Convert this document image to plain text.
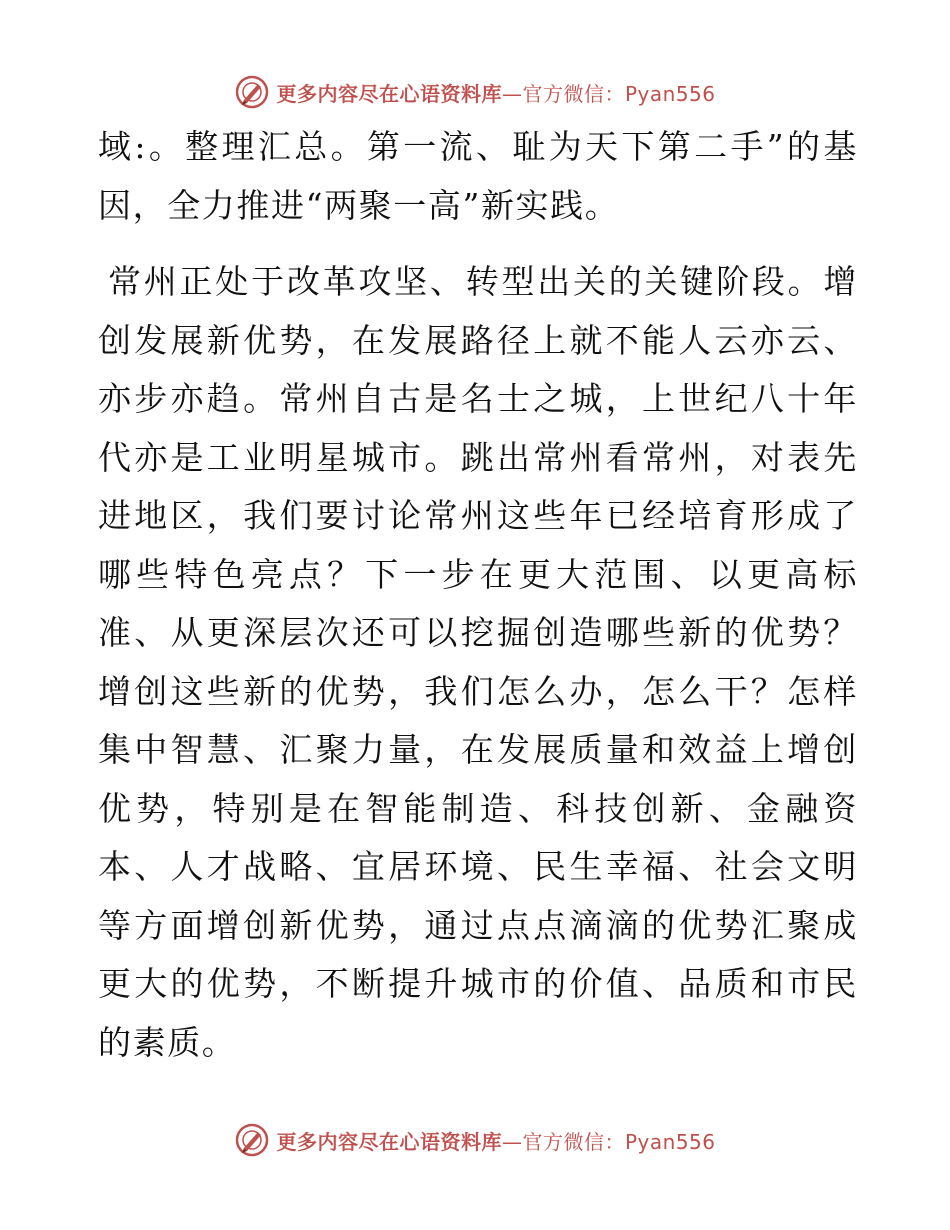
更多内容尽在心语资料库—官方微信：Pyan556

域:。整理汇总。第一流、耻为天下第二手”的基因，全力推进“两聚一高”新实践。

常州正处于改革攻坚、转型出关的关键阶段。增创发展新优势，在发展路径上就不能人云亦云、亦步亦趋。常州自古是名士之城，上世纪八十年代亦是工业明星城市。跳出常州看常州，对表先进地区，我们要讨论常州这些年已经培育形成了哪些特色亮点？下一步在更大范围、以更高标准、从更深层次还可以挖掘创造哪些新的优势？增创这些新的优势，我们怎么办，怎么干？怎样集中智慧、汇聚力量，在发展质量和效益上增创优势，特别是在智能制造、科技创新、金融资本、人才战略、宜居环境、民生幸福、社会文明等方面增创新优势，通过点点滴滴的优势汇聚成更大的优势，不断提升城市的价值、品质和市民的素质。

更多内容尽在心语资料库—官方微信：Pyan556
